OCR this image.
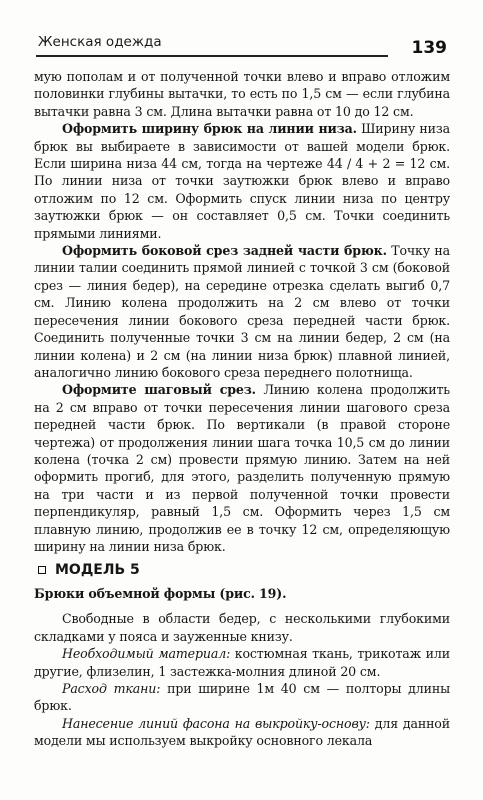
Женская одежда	139

мую пополам и от полученной точки влево и вправо отложим половинки глубины вытачки, то есть по 1,5 см — если глубина вытачки равна 3 см. Длина вытачки равна от 10 до 12 см.

Оформить ширину брюк на линии низа. Ширину низа брюк вы выбираете в зависимости от вашей модели брюк. Если ширина низа 44 см, тогда на чертеже 44 / 4 + 2 = 12 см. По линии низа от точки заутюжки брюк влево и вправо отложим по 12 см. Оформить спуск линии низа по центру заутюжки брюк — он составляет 0,5 см. Точки соединить прямыми линиями.

Оформить боковой срез задней части брюк. Точку на линии талии соединить прямой линией с точкой 3 см (боковой срез — линия бедер), на середине отрезка сделать выгиб 0,7 см. Линию колена продолжить на 2 см влево от точки пересечения линии бокового среза передней части брюк. Соединить полученные точки 3 см на линии бедер, 2 см (на линии колена) и 2 см (на линии низа брюк) плавной линией, аналогично линию бокового среза переднего полотнища.

Оформите шаговый срез. Линию колена продолжить на 2 см вправо от точки пересечения линии шагового среза передней части брюк. По вертикали (в правой стороне чертежа) от продолжения линии шага точка 10,5 см до линии колена (точка 2 см) провести прямую линию. Затем на ней оформить прогиб, для этого, разделить полученную прямую на три части и из первой полученной точки провести перпендикуляр, равный 1,5 см. Оформить через 1,5 см плавную линию, продолжив ее в точку 12 см, определяющую ширину на линии низа брюк.

МОДЕЛЬ 5

Брюки объемной формы (рис. 19).

Свободные в области бедер, с несколькими глубокими складками у пояса и зауженные книзу.

Необходимый материал: костюмная ткань, трикотаж или другие, флизелин, 1 застежка-молния длиной 20 см.

Расход ткани: при ширине 1м 40 см — полторы длины брюк.

Нанесение линий фасона на выкройку-основу: для данной модели мы используем выкройку основного лекала
